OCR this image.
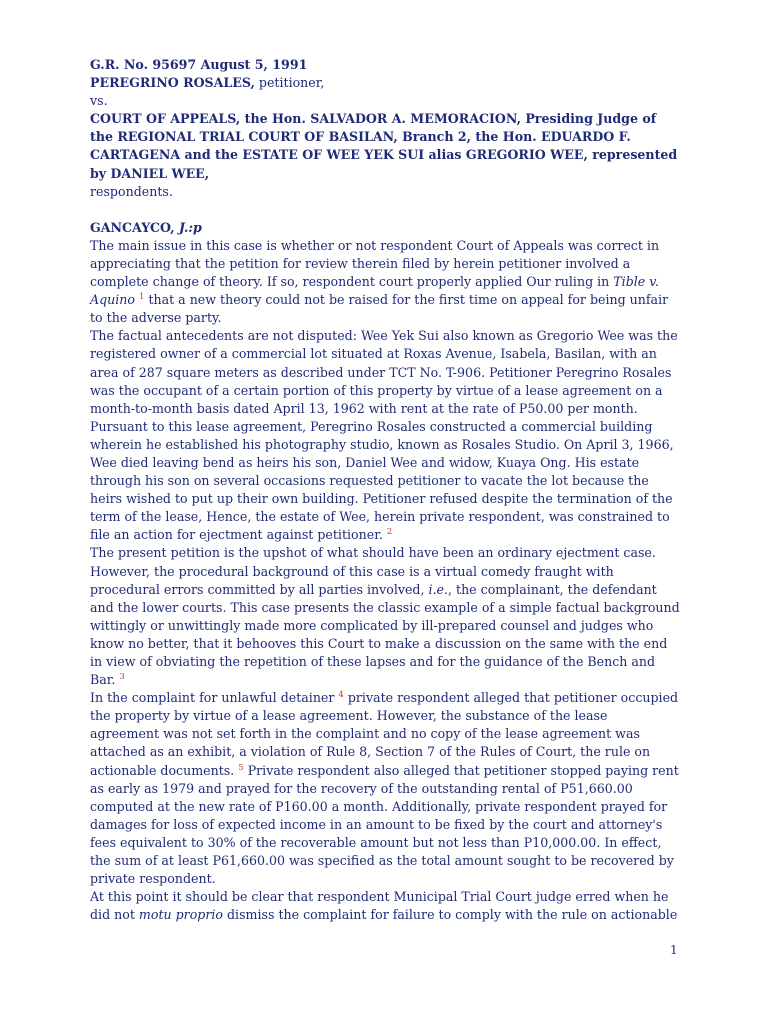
G.R. No. 95697 August 5, 1991

PEREGRINO ROSALES, petitioner,

vs.

COURT OF APPEALS, the Hon. SALVADOR A. MEMORACION, Presiding Judge of the REGIONAL TRIAL COURT OF BASILAN, Branch 2, the Hon. EDUARDO F. CARTAGENA and the ESTATE OF WEE YEK SUI alias GREGORIO WEE, represented by DANIEL WEE,

respondents.

GANCAYCO, J.:p

The main issue in this case is whether or not respondent Court of Appeals was correct in appreciating that the petition for review therein filed by herein petitioner involved a complete change of theory. If so, respondent court properly applied Our ruling in Tible v. Aquino $^1$ that a new theory could not be raised for the first time on appeal for being unfair to the adverse party.

The factual antecedents are not disputed: Wee Yek Sui also known as Gregorio Wee was the registered owner of a commercial lot situated at Roxas Avenue, Isabela, Basilan, with an area of 287 square meters as described under TCT No. T-906. Petitioner Peregrino Rosales was the occupant of a certain portion of this property by virtue of a lease agreement on a month-to-month basis dated April 13, 1962 with rent at the rate of P50.00 per month. Pursuant to this lease agreement, Peregrino Rosales constructed a commercial building wherein he established his photography studio, known as Rosales Studio. On April 3, 1966, Wee died leaving bend as heirs his son, Daniel Wee and widow, Kuaya Ong. His estate through his son on several occasions requested petitioner to vacate the lot because the heirs wished to put up their own building. Petitioner refused despite the termination of the term of the lease, Hence, the estate of Wee, herein private respondent, was constrained to file an action for ejectment against petitioner. $^2$

The present petition is the upshot of what should have been an ordinary ejectment case. However, the procedural background of this case is a virtual comedy fraught with procedural errors committed by all parties involved, i.e., the complainant, the defendant and the lower courts. This case presents the classic example of a simple factual background wittingly or unwittingly made more complicated by ill-prepared counsel and judges who know no better, that it behooves this Court to make a discussion on the same with the end in view of obviating the repetition of these lapses and for the guidance of the Bench and Bar. $^3$

In the complaint for unlawful detainer $^4$ private respondent alleged that petitioner occupied the property by virtue of a lease agreement. However, the substance of the lease agreement was not set forth in the complaint and no copy of the lease agreement was attached as an exhibit, a violation of Rule 8, Section 7 of the Rules of Court, the rule on actionable documents. $^5$ Private respondent also alleged that petitioner stopped paying rent as early as 1979 and prayed for the recovery of the outstanding rental of P51,660.00 computed at the new rate of P160.00 a month. Additionally, private respondent prayed for damages for loss of expected income in an amount to be fixed by the court and attorney's fees equivalent to 30% of the recoverable amount but not less than P10,000.00. In effect, the sum of at least P61,660.00 was specified as the total amount sought to be recovered by private respondent.

At this point it should be clear that respondent Municipal Trial Court judge erred when he did not motu proprio dismiss the complaint for failure to comply with the rule on actionable

1
